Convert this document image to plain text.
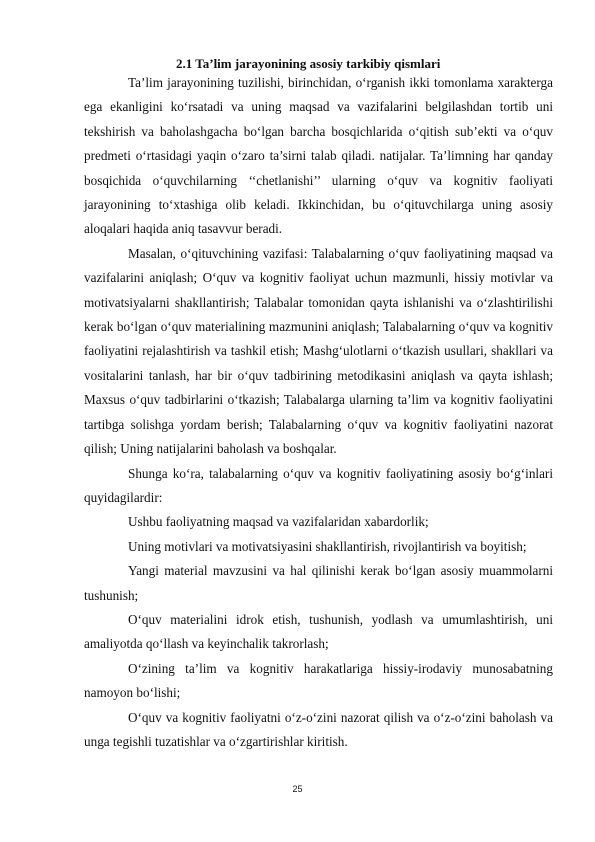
2.1 Ta’lim jarayonining asosiy tarkibiy qismlari

Ta’lim jarayonining tuzilishi, birinchidan, o‘rganish ikki tomonlama xarakterga ega ekanligini ko‘rsatadi va uning maqsad va vazifalarini belgilashdan tortib uni tekshirish va baholashgacha bo‘lgan barcha bosqichlarida o‘qitish sub’ekti va o‘quv predmeti o‘rtasidagi yaqin o‘zaro ta’sirni talab qiladi. natijalar. Ta’limning har qanday bosqichida o‘quvchilarning ‘‘chetlanishi’’ ularning o‘quv va kognitiv faoliyati jarayonining to‘xtashiga olib keladi. Ikkinchidan, bu o‘qituvchilarga uning asosiy aloqalari haqida aniq tasavvur beradi.

Masalan, o‘qituvchining vazifasi: Talabalarning o‘quv faoliyatining maqsad va vazifalarini aniqlash; O‘quv va kognitiv faoliyat uchun mazmunli, hissiy motivlar va motivatsiyalarni shakllantirish; Talabalar tomonidan qayta ishlanishi va o‘zlashtirilishi kerak bo‘lgan o‘quv materialining mazmunini aniqlash; Talabalarning o‘quv va kognitiv faoliyatini rejalashtirish va tashkil etish; Mashg‘ulotlarni o‘tkazish usullari, shakllari va vositalarini tanlash, har bir o‘quv tadbirining metodikasini aniqlash va qayta ishlash; Maxsus o‘quv tadbirlarini o‘tkazish; Talabalarga ularning ta’lim va kognitiv faoliyatini tartibga solishga yordam berish; Talabalarning o‘quv va kognitiv faoliyatini nazorat qilish; Uning natijalarini baholash va boshqalar.

Shunga ko‘ra, talabalarning o‘quv va kognitiv faoliyatining asosiy bo‘g‘inlari quyidagilardir:

Ushbu faoliyatning maqsad va vazifalaridan xabardorlik;

Uning motivlari va motivatsiyasini shakllantirish, rivojlantirish va boyitish;

Yangi material mavzusini va hal qilinishi kerak bo‘lgan asosiy muammolarni tushunish;

O‘quv materialini idrok etish, tushunish, yodlash va umumlashtirish, uni amaliyotda qo‘llash va keyinchalik takrorlash;

O‘zining ta’lim va kognitiv harakatlariga hissiy-irodaviy munosabatning namoyon bo‘lishi;

O‘quv va kognitiv faoliyatni o‘z-o‘zini nazorat qilish va o‘z-o‘zini baholash va unga tegishli tuzatishlar va o‘zgartirishlar kiritish.

25
